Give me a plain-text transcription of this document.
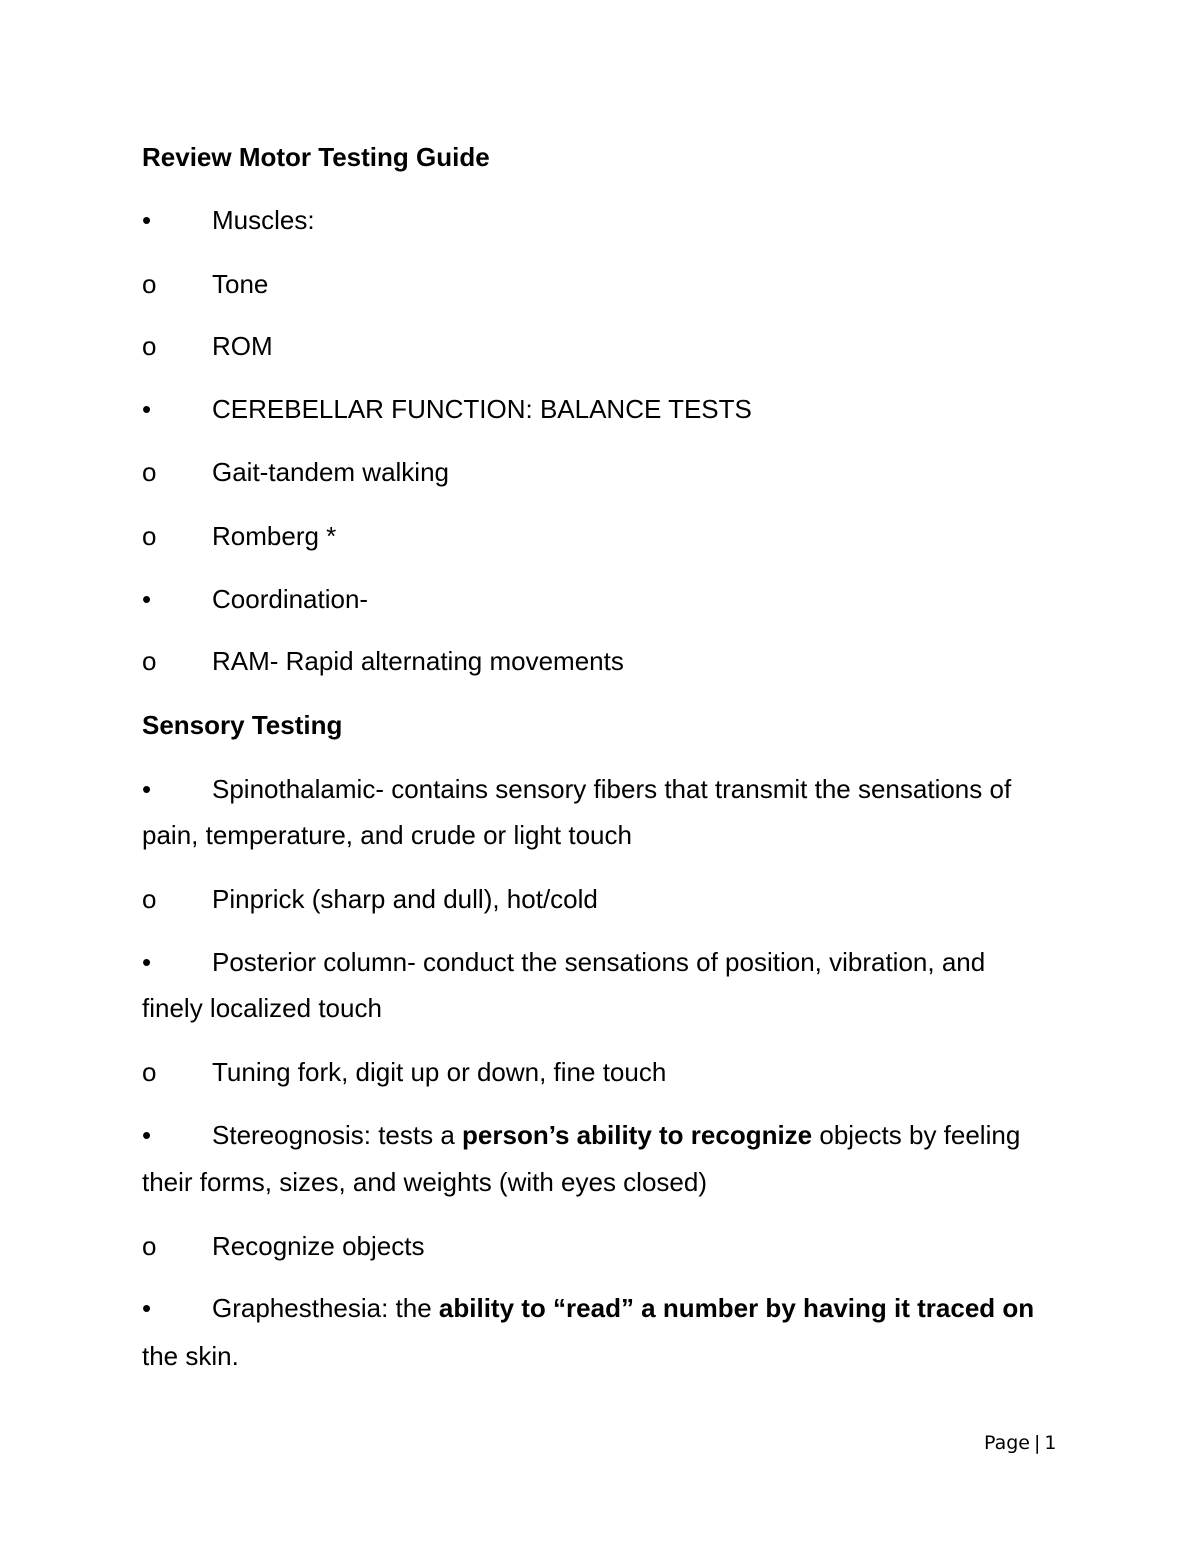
Review Motor Testing Guide
•	Muscles:
o	Tone
o	ROM
•	CEREBELLAR FUNCTION: BALANCE TESTS
o	Gait-tandem walking
o	Romberg *
•	Coordination-
o	RAM- Rapid alternating movements
Sensory Testing
•	Spinothalamic- contains sensory fibers that transmit the sensations of
pain, temperature, and crude or light touch
o	Pinprick (sharp and dull), hot/cold
•	Posterior column- conduct the sensations of position, vibration, and
finely localized touch
o	Tuning fork, digit up or down, fine touch
•	Stereognosis: tests a person’s ability to recognize objects by feeling
their forms, sizes, and weights (with eyes closed)
o	Recognize objects
•	Graphesthesia: the ability to “read” a number by having it traced on
the skin.
Page | 1
